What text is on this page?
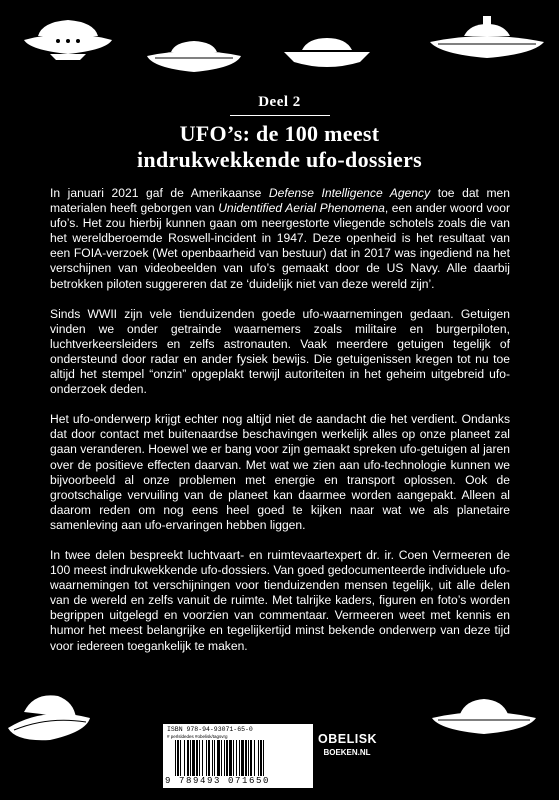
Deel 2
UFO’s: de 100 meest
indrukwekkende ufo-dossiers

In januari 2021 gaf de Amerikaanse Defense Intelligence Agency toe dat men materialen heeft geborgen van Unidentified Aerial Phenomena, een ander woord voor ufo’s. Het zou hierbij kunnen gaan om neergestorte vliegende schotels zoals die van het wereldberoemde Roswell-incident in 1947. Deze openheid is het resultaat van een FOIA-verzoek (Wet openbaarheid van bestuur) dat in 2017 was ingediend na het verschijnen van videobeelden van ufo’s gemaakt door de US Navy. Alle daarbij betrokken piloten suggereren dat ze ‘duidelijk niet van deze wereld zijn’.

Sinds WWII zijn vele tienduizenden goede ufo-waarnemingen gedaan. Getuigen vinden we onder getrainde waarnemers zoals militaire en burgerpiloten, luchtverkeersleiders en zelfs astronauten. Vaak meerdere getuigen tegelijk of ondersteund door radar en ander fysiek bewijs. Die getuigenissen kregen tot nu toe altijd het stempel “onzin” opgeplakt terwijl autoriteiten in het geheim uitgebreid ufo-onderzoek deden.

Het ufo-onderwerp krijgt echter nog altijd niet de aandacht die het verdient. Ondanks dat door contact met buitenaardse beschavingen werkelijk alles op onze planeet zal gaan veranderen. Hoewel we er bang voor zijn gemaakt spreken ufo-getuigen al jaren over de positieve effecten daarvan. Met wat we zien aan ufo-technologie kunnen we bijvoorbeeld al onze problemen met energie en transport oplossen. Ook de grootschalige vervuiling van de planeet kan daarmee worden aangepakt. Alleen al daarom reden om nog eens heel goed te kijken naar wat we als planetaire samenleving aan ufo-ervaringen hebben liggen.

In twee delen bespreekt luchtvaart- en ruimtevaartexpert dr. ir. Coen Vermeeren de 100 meest indrukwekkende ufo-dossiers. Van goed gedocumenteerde individuele ufo-waarnemingen tot verschijningen voor tienduizenden mensen tegelijk, uit alle delen van de wereld en zelfs vanuit de ruimte. Met talrijke kaders, figuren en foto’s worden begrippen uitgelegd en voorzien van commentaar. Vermeeren weet met kennis en humor het meest belangrijke en tegelijkertijd minst bekende onderwerp van deze tijd voor iedereen toegankelijk te maken.

ISBN 978-94-93071-65-0
# perlsldedes #obelisk/tagsvrg
9 789493 071650
OBELISK
BOEKEN.NL
